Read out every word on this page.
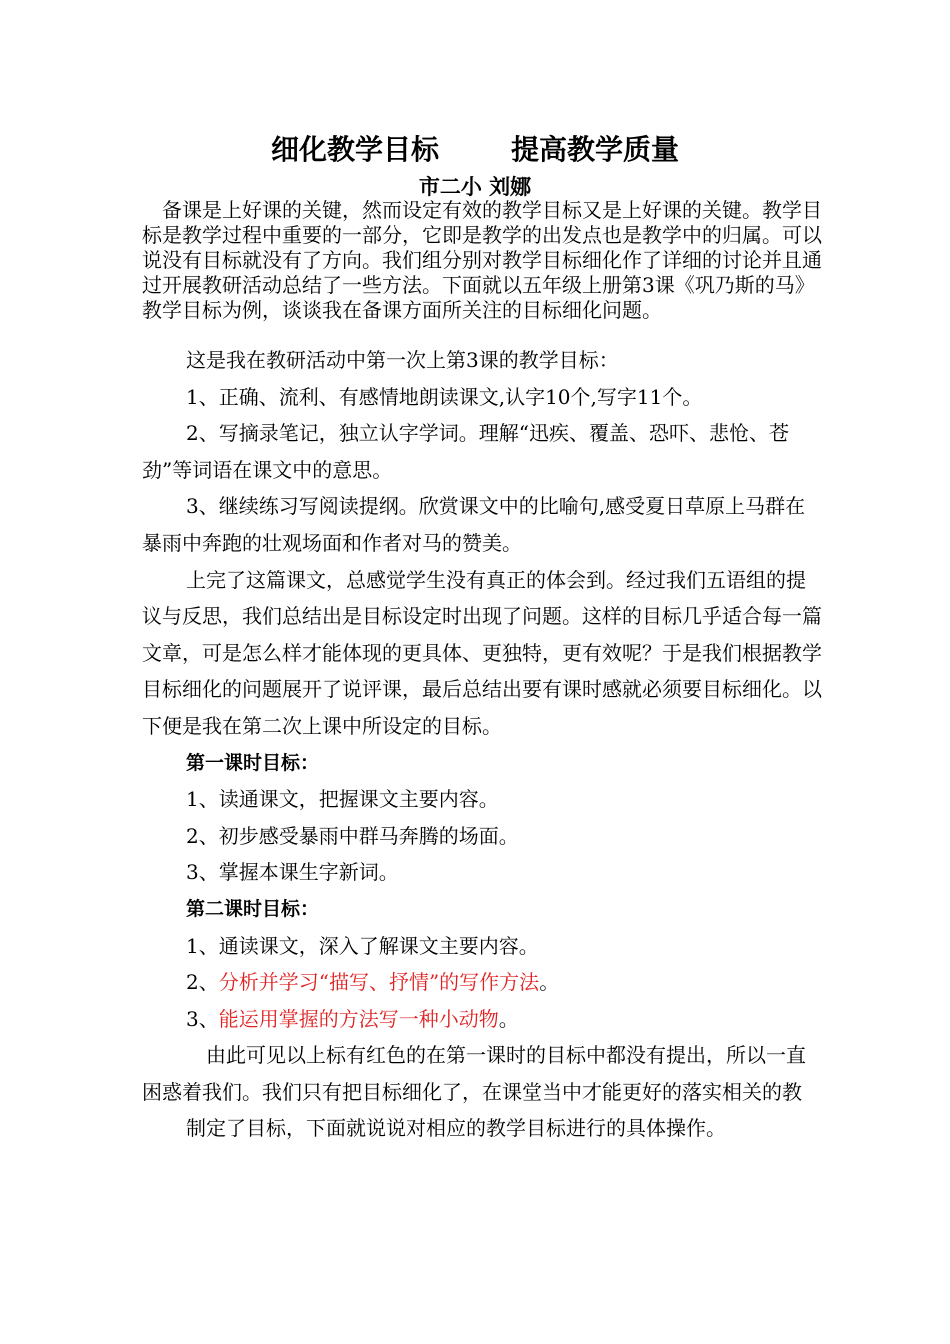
细化教学目标	提高教学质量
市二小 刘娜

备课是上好课的关键，然而设定有效的教学目标又是上好课的关键。教学目标是教学过程中重要的一部分，它即是教学的出发点也是教学中的归属。可以说没有目标就没有了方向。我们组分别对教学目标细化作了详细的讨论并且通过开展教研活动总结了一些方法。下面就以五年级上册第3课《巩乃斯的马》教学目标为例，谈谈我在备课方面所关注的目标细化问题。

这是我在教研活动中第一次上第3课的教学目标：

1、正确、流利、有感情地朗读课文,认字10个,写字11个。

2、写摘录笔记，独立认字学词。理解“迅疾、覆盖、恐吓、悲怆、苍劲”等词语在课文中的意思。

3、继续练习写阅读提纲。欣赏课文中的比喻句,感受夏日草原上马群在暴雨中奔跑的壮观场面和作者对马的赞美。

上完了这篇课文，总感觉学生没有真正的体会到。经过我们五语组的提议与反思，我们总结出是目标设定时出现了问题。这样的目标几乎适合每一篇文章，可是怎么样才能体现的更具体、更独特，更有效呢？于是我们根据教学目标细化的问题展开了说评课，最后总结出要有课时感就必须要目标细化。以下便是我在第二次上课中所设定的目标。

第一课时目标：

1、读通课文，把握课文主要内容。

2、初步感受暴雨中群马奔腾的场面。

3、掌握本课生字新词。

第二课时目标：

1、通读课文，深入了解课文主要内容。

2、分析并学习“描写、抒情”的写作方法。

3、能运用掌握的方法写一种小动物。

由此可见以上标有红色的在第一课时的目标中都没有提出，所以一直困惑着我们。我们只有把目标细化了，在课堂当中才能更好的落实相关的教

制定了目标，下面就说说对相应的教学目标进行的具体操作。
